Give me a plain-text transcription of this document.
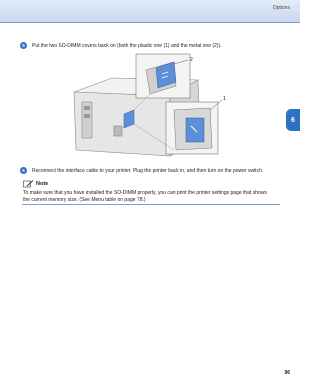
Options
6
5	Put the two SO-DIMM covers back on (both the plastic one (1) and the metal one (2)).
2
1
6	Reconnect the interface cable to your printer. Plug the printer back in, and then turn on the power switch.
Note
To make sure that you have installed the SO-DIMM properly, you can print the printer settings page that shows the current memory size. (See Menu table on page 78.)
96
